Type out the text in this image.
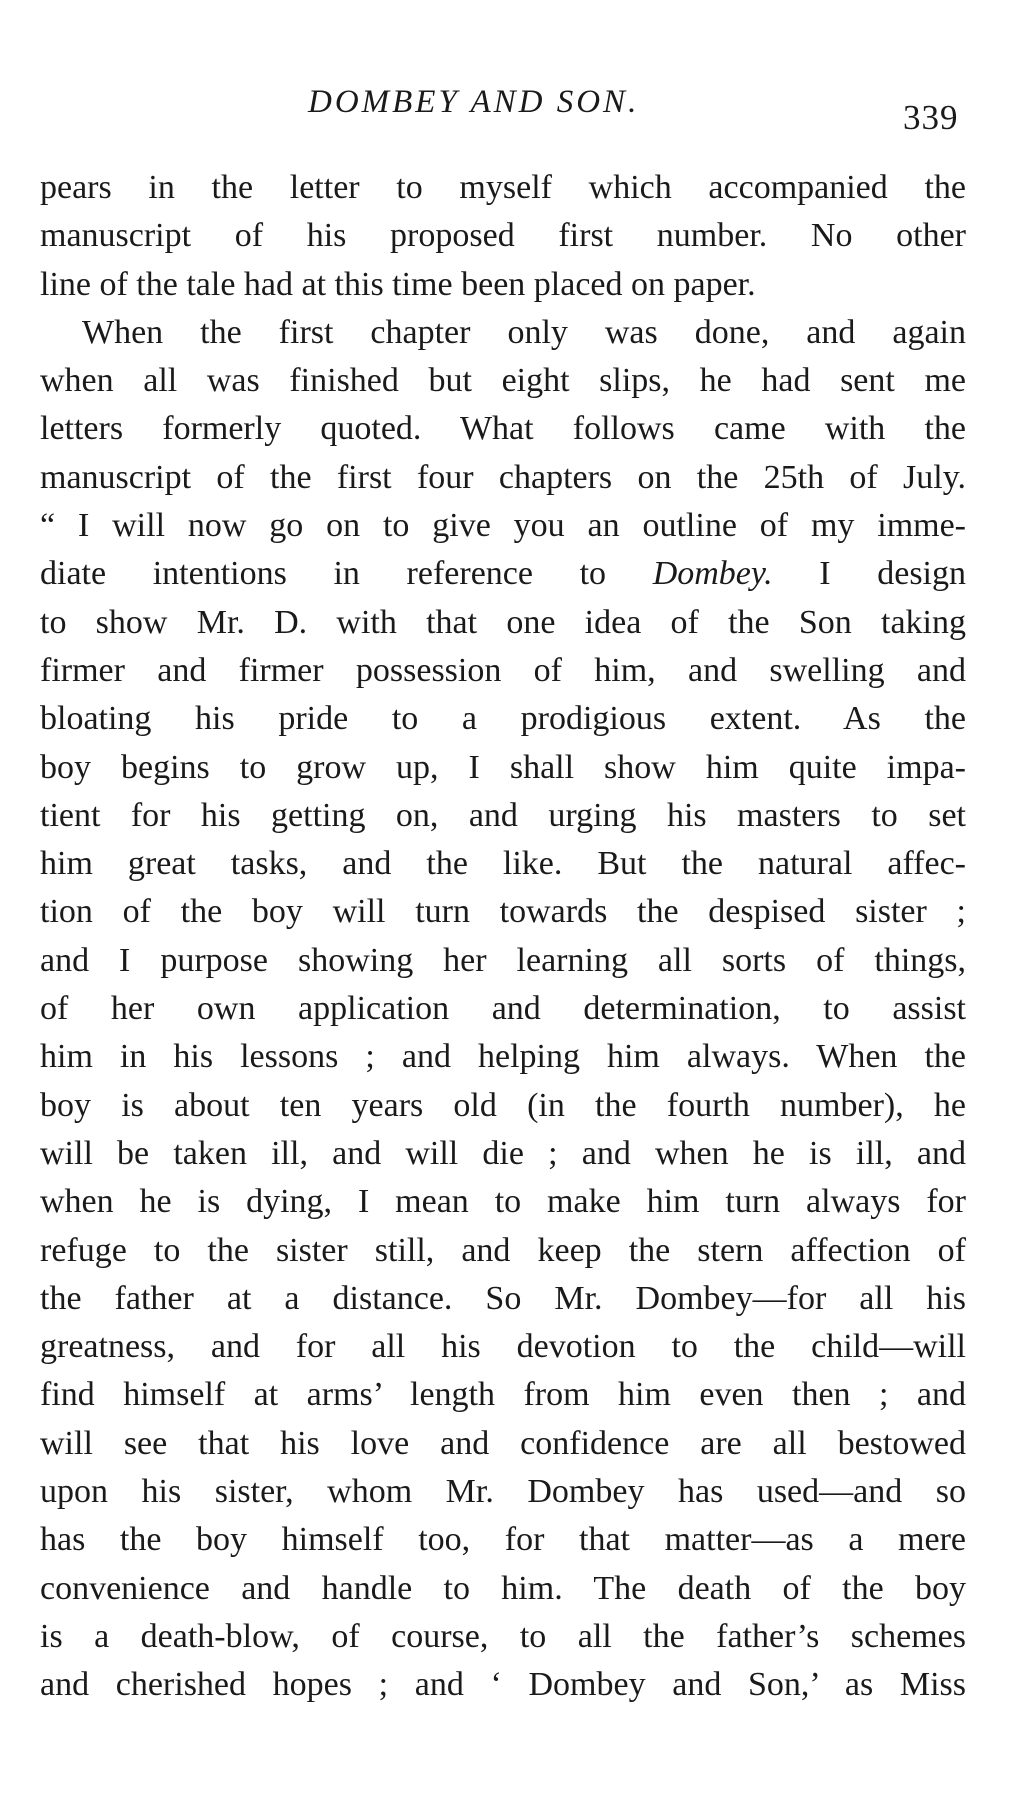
DOMBEY AND SON.	339
pears in the letter to myself which accompanied the
manuscript of his proposed first number. No other
line of the tale had at this time been placed on paper.
When the first chapter only was done, and again
when all was finished but eight slips, he had sent me
letters formerly quoted. What follows came with the
manuscript of the first four chapters on the 25th of July.
“ I will now go on to give you an outline of my imme-
diate intentions in reference to Dombey. I design
to show Mr. D. with that one idea of the Son taking
firmer and firmer possession of him, and swelling and
bloating his pride to a prodigious extent. As the
boy begins to grow up, I shall show him quite impa-
tient for his getting on, and urging his masters to set
him great tasks, and the like. But the natural affec-
tion of the boy will turn towards the despised sister ;
and I purpose showing her learning all sorts of things,
of her own application and determination, to assist
him in his lessons ; and helping him always. When the
boy is about ten years old (in the fourth number), he
will be taken ill, and will die ; and when he is ill, and
when he is dying, I mean to make him turn always for
refuge to the sister still, and keep the stern affection of
the father at a distance. So Mr. Dombey—for all his
greatness, and for all his devotion to the child—will
find himself at arms’ length from him even then ; and
will see that his love and confidence are all bestowed
upon his sister, whom Mr. Dombey has used—and so
has the boy himself too, for that matter—as a mere
convenience and handle to him. The death of the boy
is a death-blow, of course, to all the father’s schemes
and cherished hopes ; and ‘ Dombey and Son,’ as Miss
